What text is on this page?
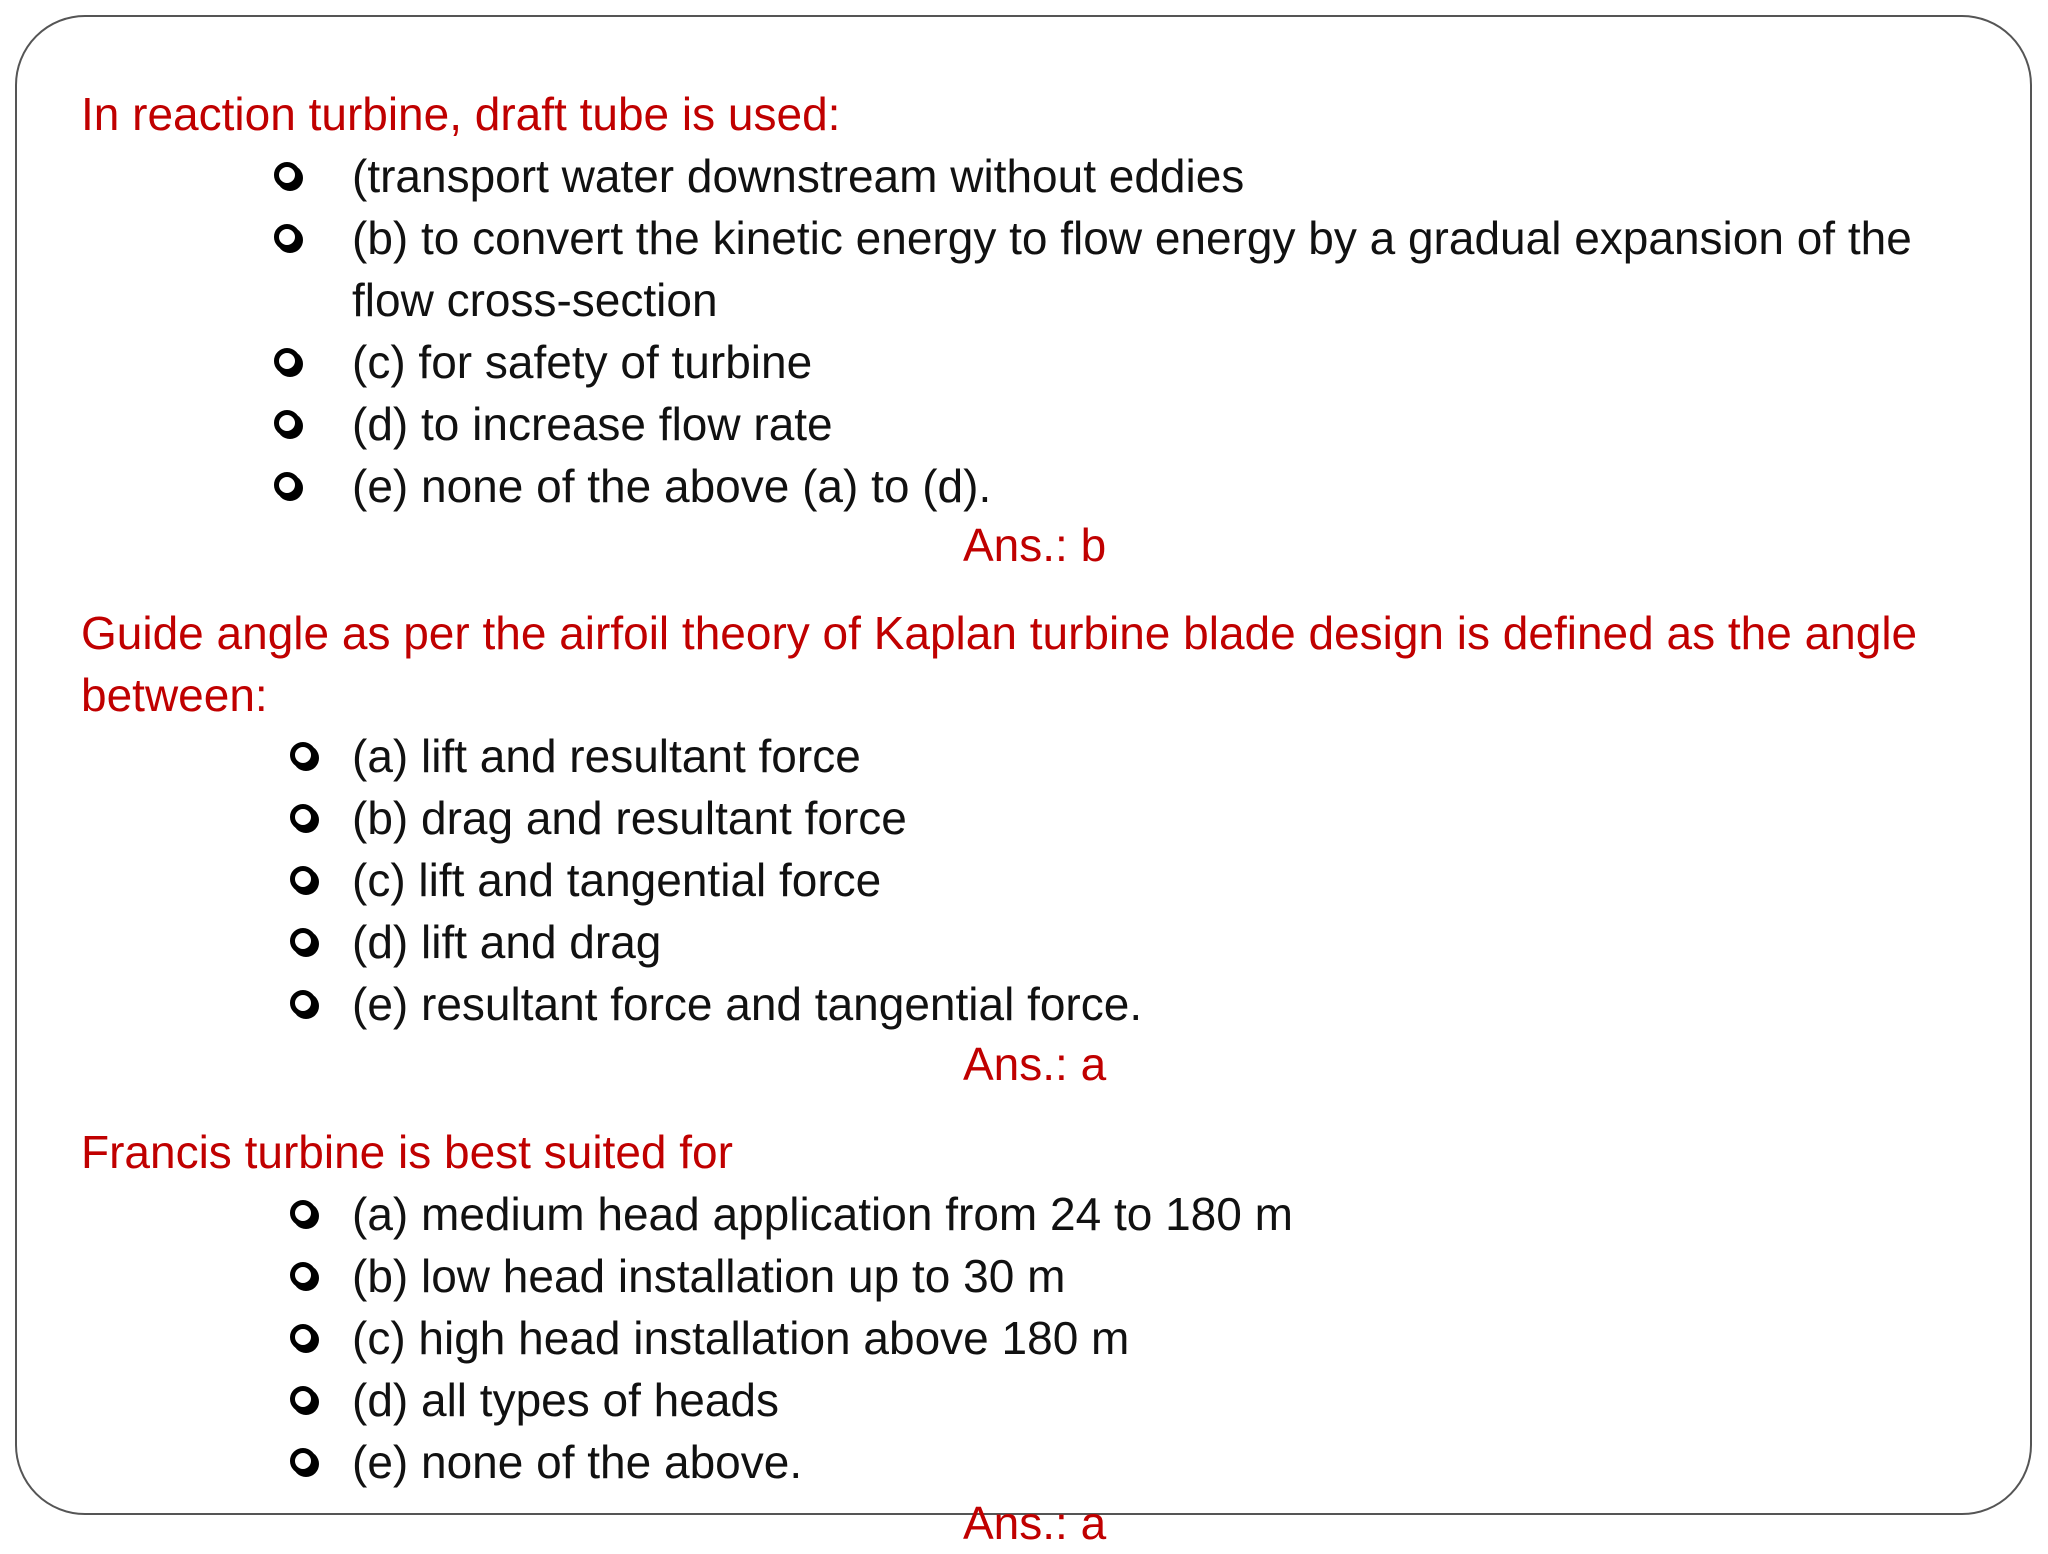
In reaction turbine, draft tube is used:
(transport water downstream without eddies
(b) to convert the kinetic energy to flow energy by a gradual expansion of the flow cross-section
(c) for safety of turbine
(d) to increase flow rate
(e) none of the above (a) to (d).
Ans.: b
Guide angle as per the airfoil theory of Kaplan turbine blade design is defined as the angle between:
(a) lift and resultant force
(b) drag and resultant force
(c) lift and tangential force
(d) lift and drag
(e) resultant force and tangential force.
Ans.: a
Francis turbine is best suited for
(a) medium head application from 24 to 180 m
(b) low head installation up to 30 m
(c) high head installation above 180 m
(d) all types of heads
(e) none of the above.
Ans.: a
